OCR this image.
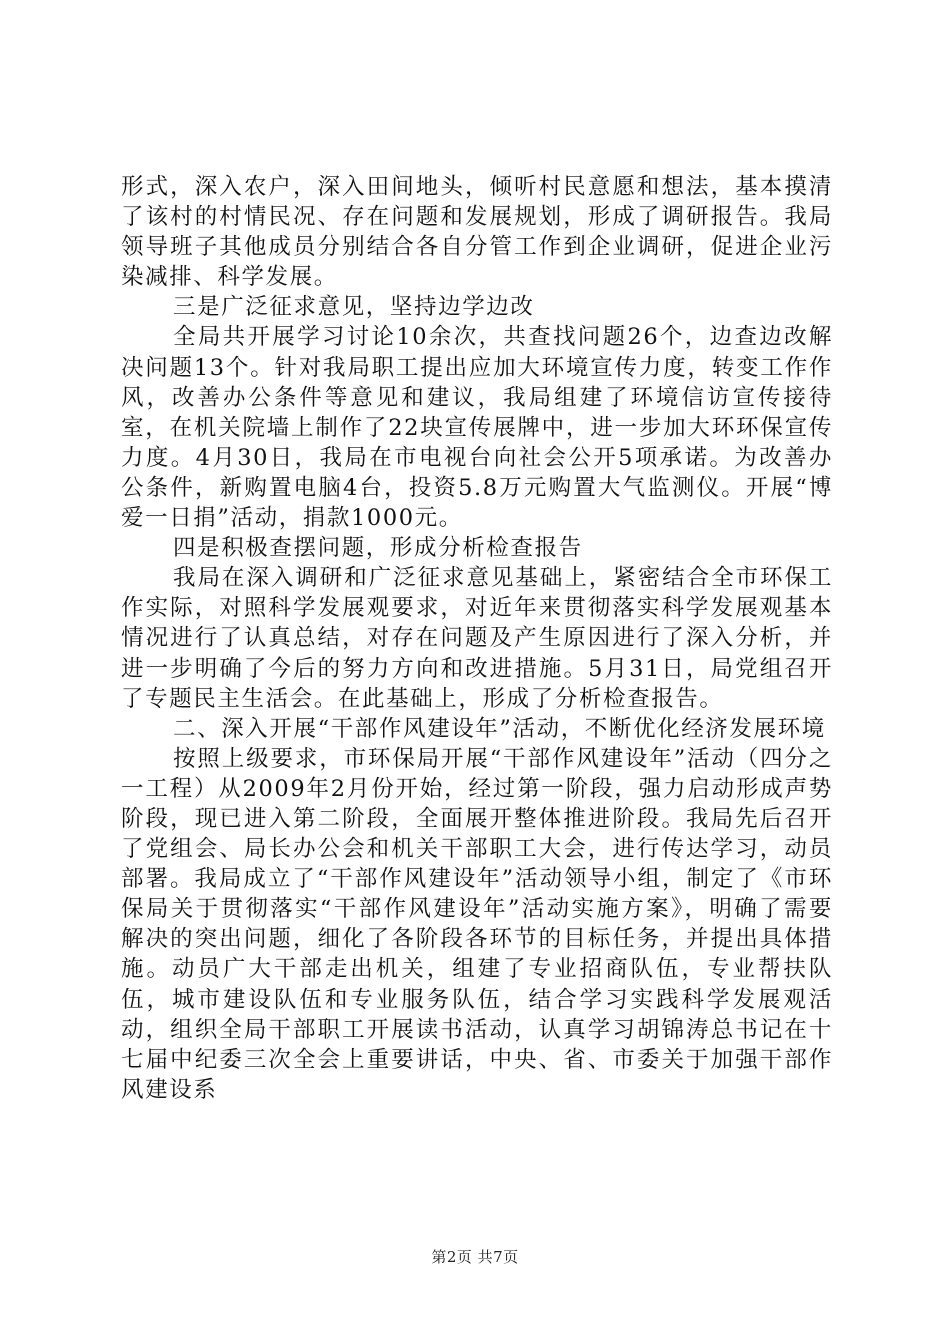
形式，深入农户，深入田间地头，倾听村民意愿和想法，基本摸清了该村的村情民况、存在问题和发展规划，形成了调研报告。我局领导班子其他成员分别结合各自分管工作到企业调研，促进企业污染减排、科学发展。

三是广泛征求意见，坚持边学边改

全局共开展学习讨论10余次，共查找问题26个，边查边改解决问题13个。针对我局职工提出应加大环境宣传力度，转变工作作风，改善办公条件等意见和建议，我局组建了环境信访宣传接待室，在机关院墙上制作了22块宣传展牌中，进一步加大环环保宣传力度。4月30日，我局在市电视台向社会公开5项承诺。为改善办公条件，新购置电脑4台，投资5.8万元购置大气监测仪。开展“博爱一日捐”活动，捐款1000元。

四是积极查摆问题，形成分析检查报告

我局在深入调研和广泛征求意见基础上，紧密结合全市环保工作实际，对照科学发展观要求，对近年来贯彻落实科学发展观基本情况进行了认真总结，对存在问题及产生原因进行了深入分析，并进一步明确了今后的努力方向和改进措施。5月31日，局党组召开了专题民主生活会。在此基础上，形成了分析检查报告。

二、深入开展“干部作风建设年”活动，不断优化经济发展环境

按照上级要求，市环保局开展“干部作风建设年”活动（四分之一工程）从2009年2月份开始，经过第一阶段，强力启动形成声势阶段，现已进入第二阶段，全面展开整体推进阶段。我局先后召开了党组会、局长办公会和机关干部职工大会，进行传达学习，动员部署。我局成立了“干部作风建设年”活动领导小组，制定了《市环保局关于贯彻落实“干部作风建设年”活动实施方案》，明确了需要解决的突出问题，细化了各阶段各环节的目标任务，并提出具体措施。动员广大干部走出机关，组建了专业招商队伍，专业帮扶队伍，城市建设队伍和专业服务队伍，结合学习实践科学发展观活动，组织全局干部职工开展读书活动，认真学习胡锦涛总书记在十七届中纪委三次全会上重要讲话，中央、省、市委关于加强干部作风建设系

第2页 共7页
